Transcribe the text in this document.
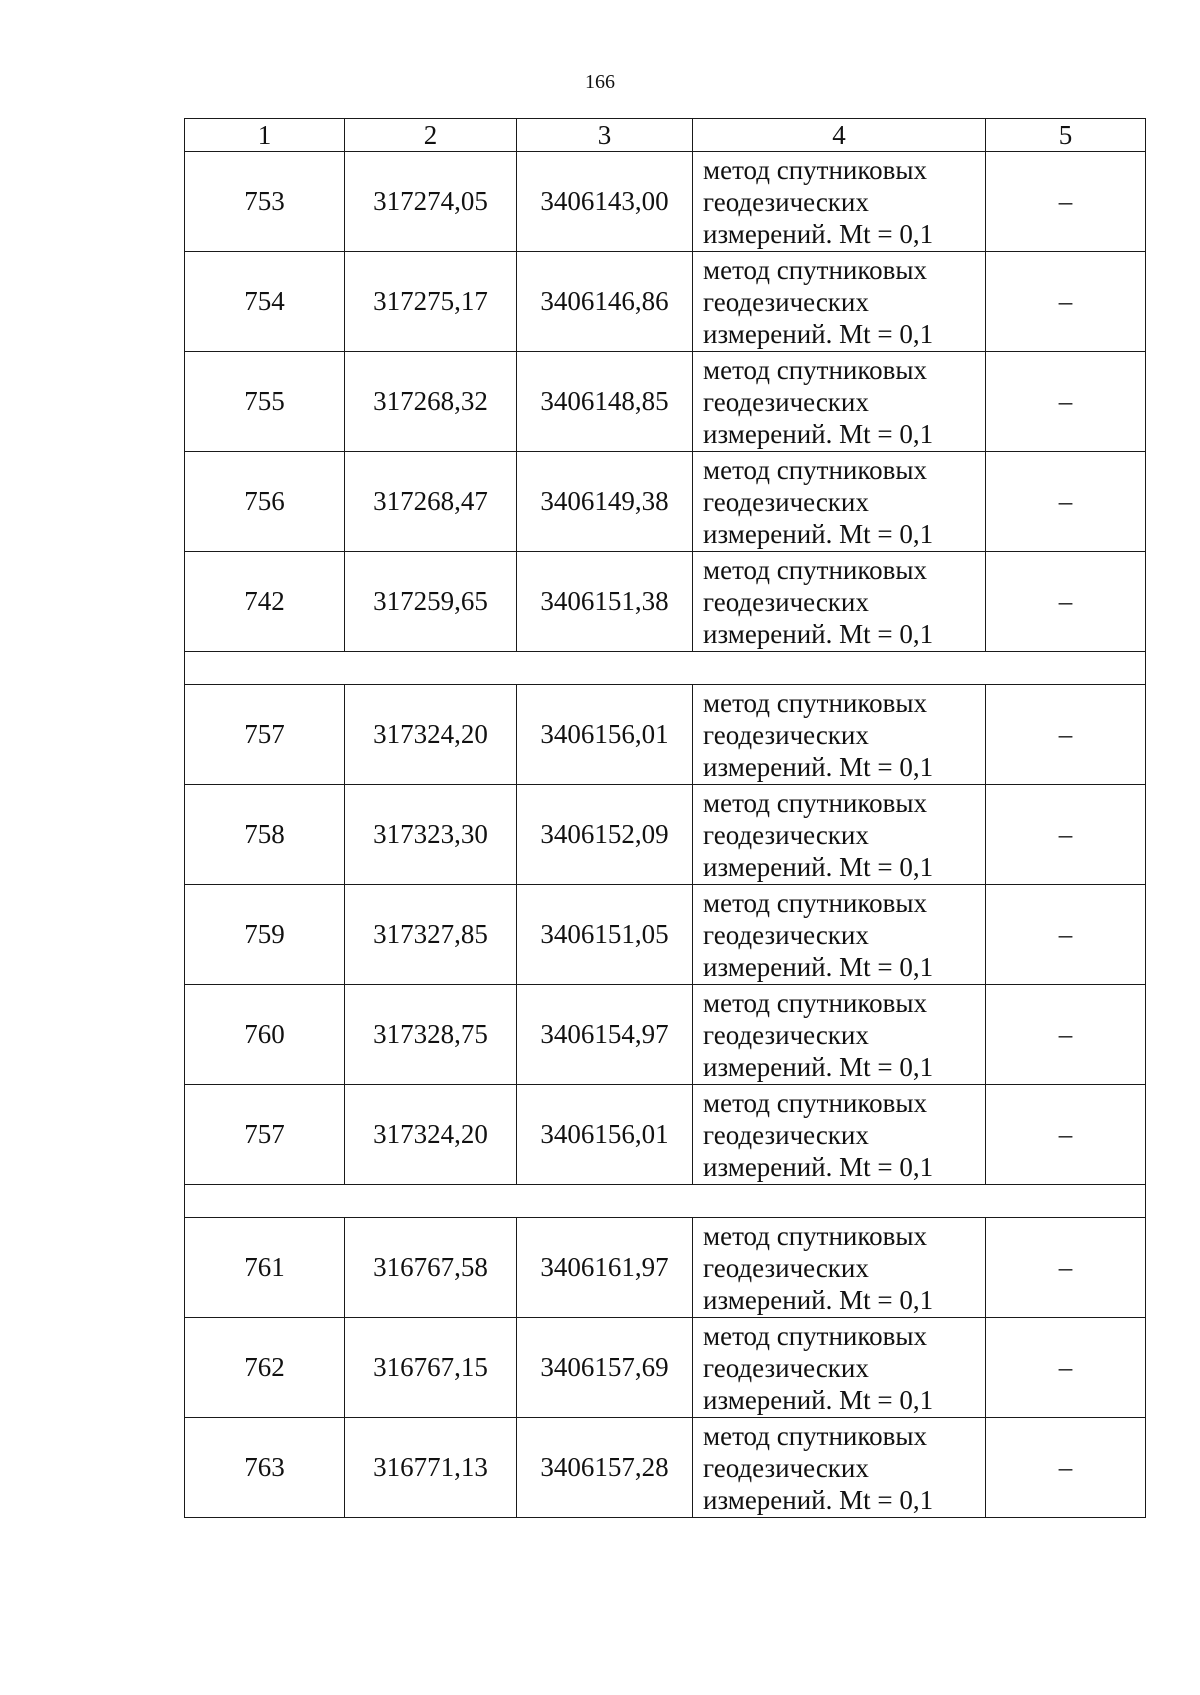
166
1	2	3	4	5
753	317274,05	3406143,00	метод спутниковых
геодезических
измерений. Mt = 0,1	–
754	317275,17	3406146,86	метод спутниковых
геодезических
измерений. Mt = 0,1	–
755	317268,32	3406148,85	метод спутниковых
геодезических
измерений. Mt = 0,1	–
756	317268,47	3406149,38	метод спутниковых
геодезических
измерений. Mt = 0,1	–
742	317259,65	3406151,38	метод спутниковых
геодезических
измерений. Mt = 0,1	–

757	317324,20	3406156,01	метод спутниковых
геодезических
измерений. Mt = 0,1	–
758	317323,30	3406152,09	метод спутниковых
геодезических
измерений. Mt = 0,1	–
759	317327,85	3406151,05	метод спутниковых
геодезических
измерений. Mt = 0,1	–
760	317328,75	3406154,97	метод спутниковых
геодезических
измерений. Mt = 0,1	–
757	317324,20	3406156,01	метод спутниковых
геодезических
измерений. Mt = 0,1	–

761	316767,58	3406161,97	метод спутниковых
геодезических
измерений. Mt = 0,1	–
762	316767,15	3406157,69	метод спутниковых
геодезических
измерений. Mt = 0,1	–
763	316771,13	3406157,28	метод спутниковых
геодезических
измерений. Mt = 0,1	–
